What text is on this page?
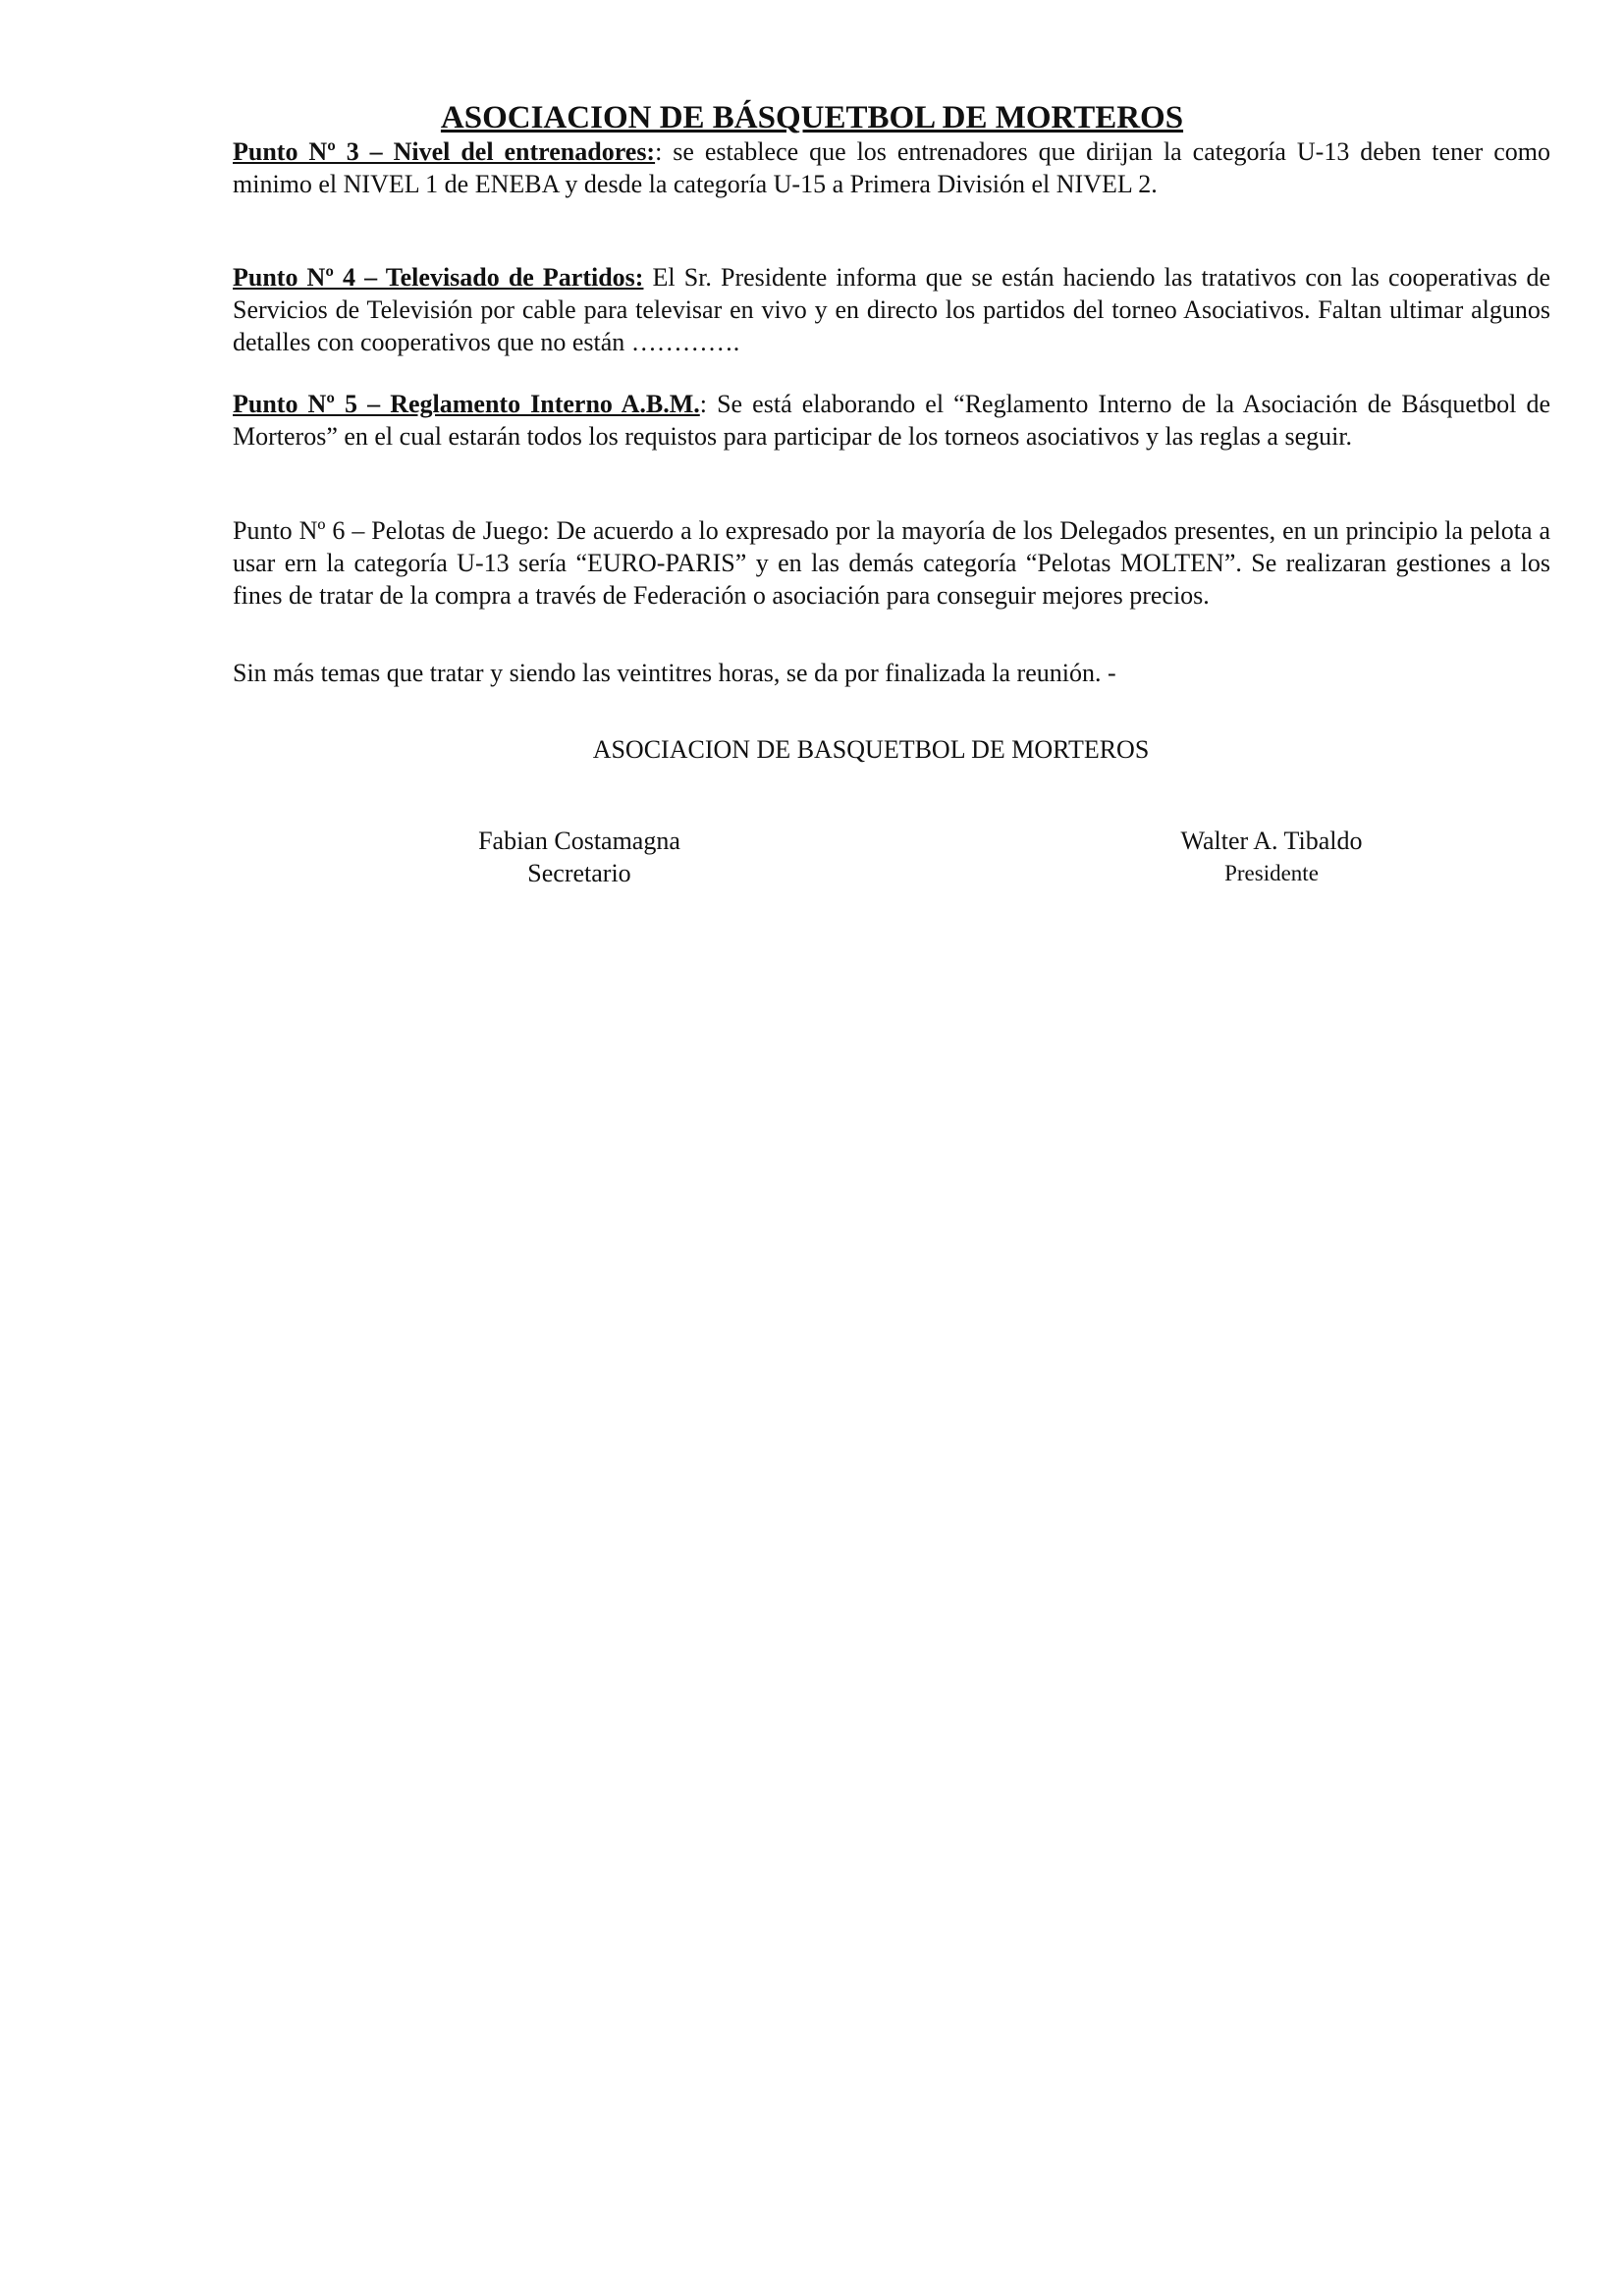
ASOCIACION DE BÁSQUETBOL DE MORTEROS

Punto Nº 3 – Nivel del entrenadores:: se establece que los entrenadores que dirijan la categoría U-13 deben tener como minimo el NIVEL 1 de ENEBA y desde la categoría U-15 a Primera División el NIVEL 2.

Punto Nº 4 – Televisado de Partidos: El Sr. Presidente informa que se están haciendo las tratativos con las cooperativas de Servicios de Televisión por cable para televisar en vivo y en directo los partidos del torneo Asociativos. Faltan ultimar algunos detalles con cooperativos que no están ………….

Punto Nº 5 – Reglamento Interno A.B.M.: Se está elaborando el “Reglamento Interno de la Asociación de Básquetbol de Morteros” en el cual estarán todos los requistos para participar de los torneos asociativos y las reglas a seguir.

Punto Nº 6 – Pelotas de Juego: De acuerdo a lo expresado por la mayoría de los Delegados presentes, en un principio la pelota a usar ern la categoría U-13 sería “EURO-PARIS” y en las demás categoría “Pelotas MOLTEN”. Se realizaran gestiones a los fines de tratar de la compra a través de Federación o asociación para conseguir mejores precios.

Sin más temas que tratar y siendo las veintitres horas, se da por finalizada la reunión. -

ASOCIACION DE BASQUETBOL DE MORTEROS

Fabian Costamagna
Secretario
Walter A. Tibaldo
Presidente
